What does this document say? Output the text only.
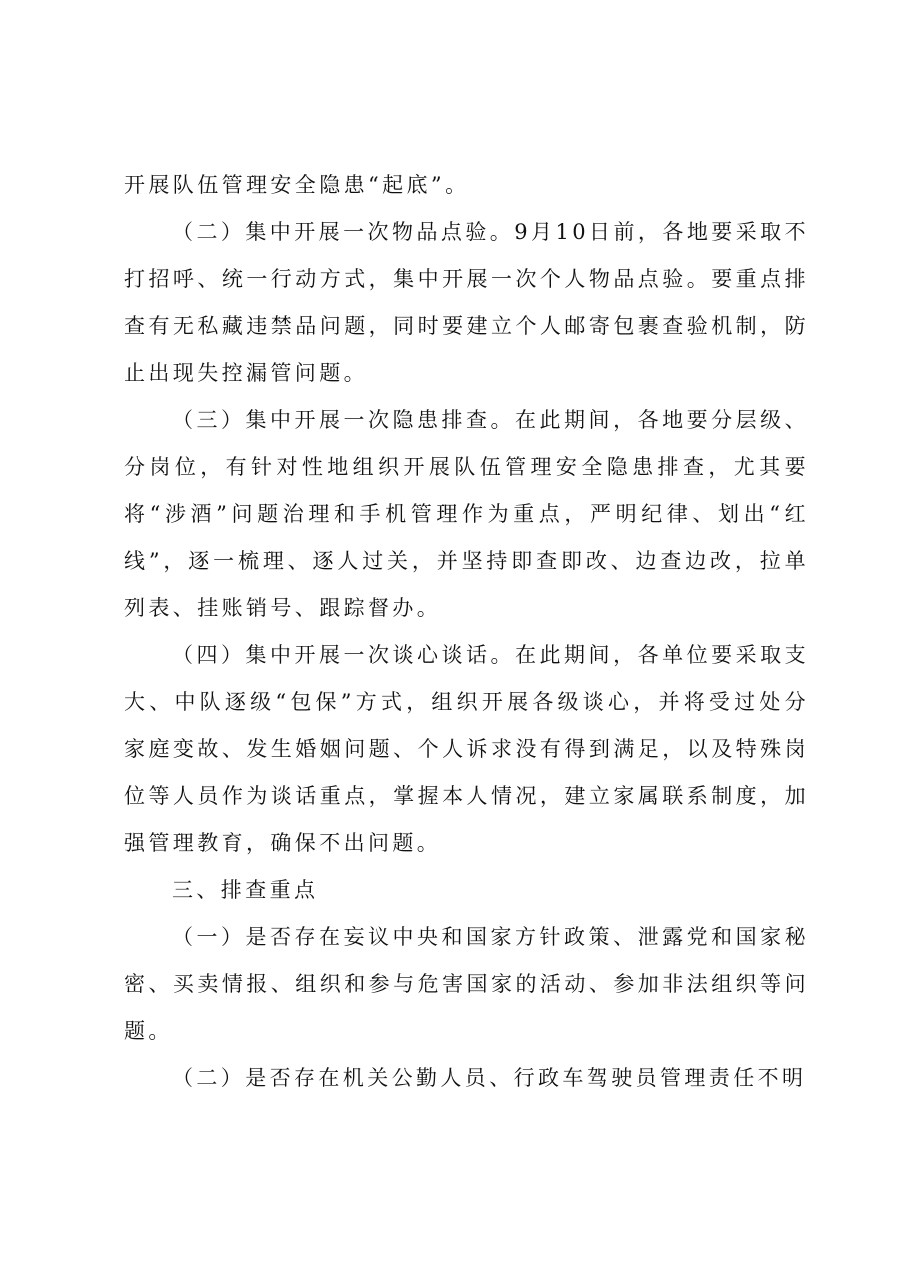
开展队伍管理安全隐患“起底”。

（二）集中开展一次物品点验。9月10日前，各地要采取不打招呼、统一行动方式，集中开展一次个人物品点验。要重点排查有无私藏违禁品问题，同时要建立个人邮寄包裹查验机制，防止出现失控漏管问题。

（三）集中开展一次隐患排查。在此期间，各地要分层级、分岗位，有针对性地组织开展队伍管理安全隐患排查，尤其要将“涉酒”问题治理和手机管理作为重点，严明纪律、划出“红线”，逐一梳理、逐人过关，并坚持即查即改、边查边改，拉单列表、挂账销号、跟踪督办。

（四）集中开展一次谈心谈话。在此期间，各单位要采取支大、中队逐级“包保”方式，组织开展各级谈心，并将受过处分家庭变故、发生婚姻问题、个人诉求没有得到满足，以及特殊岗位等人员作为谈话重点，掌握本人情况，建立家属联系制度，加强管理教育，确保不出问题。

三、排查重点

（一）是否存在妄议中央和国家方针政策、泄露党和国家秘密、买卖情报、组织和参与危害国家的活动、参加非法组织等问题。

（二）是否存在机关公勤人员、行政车驾驶员管理责任不明
